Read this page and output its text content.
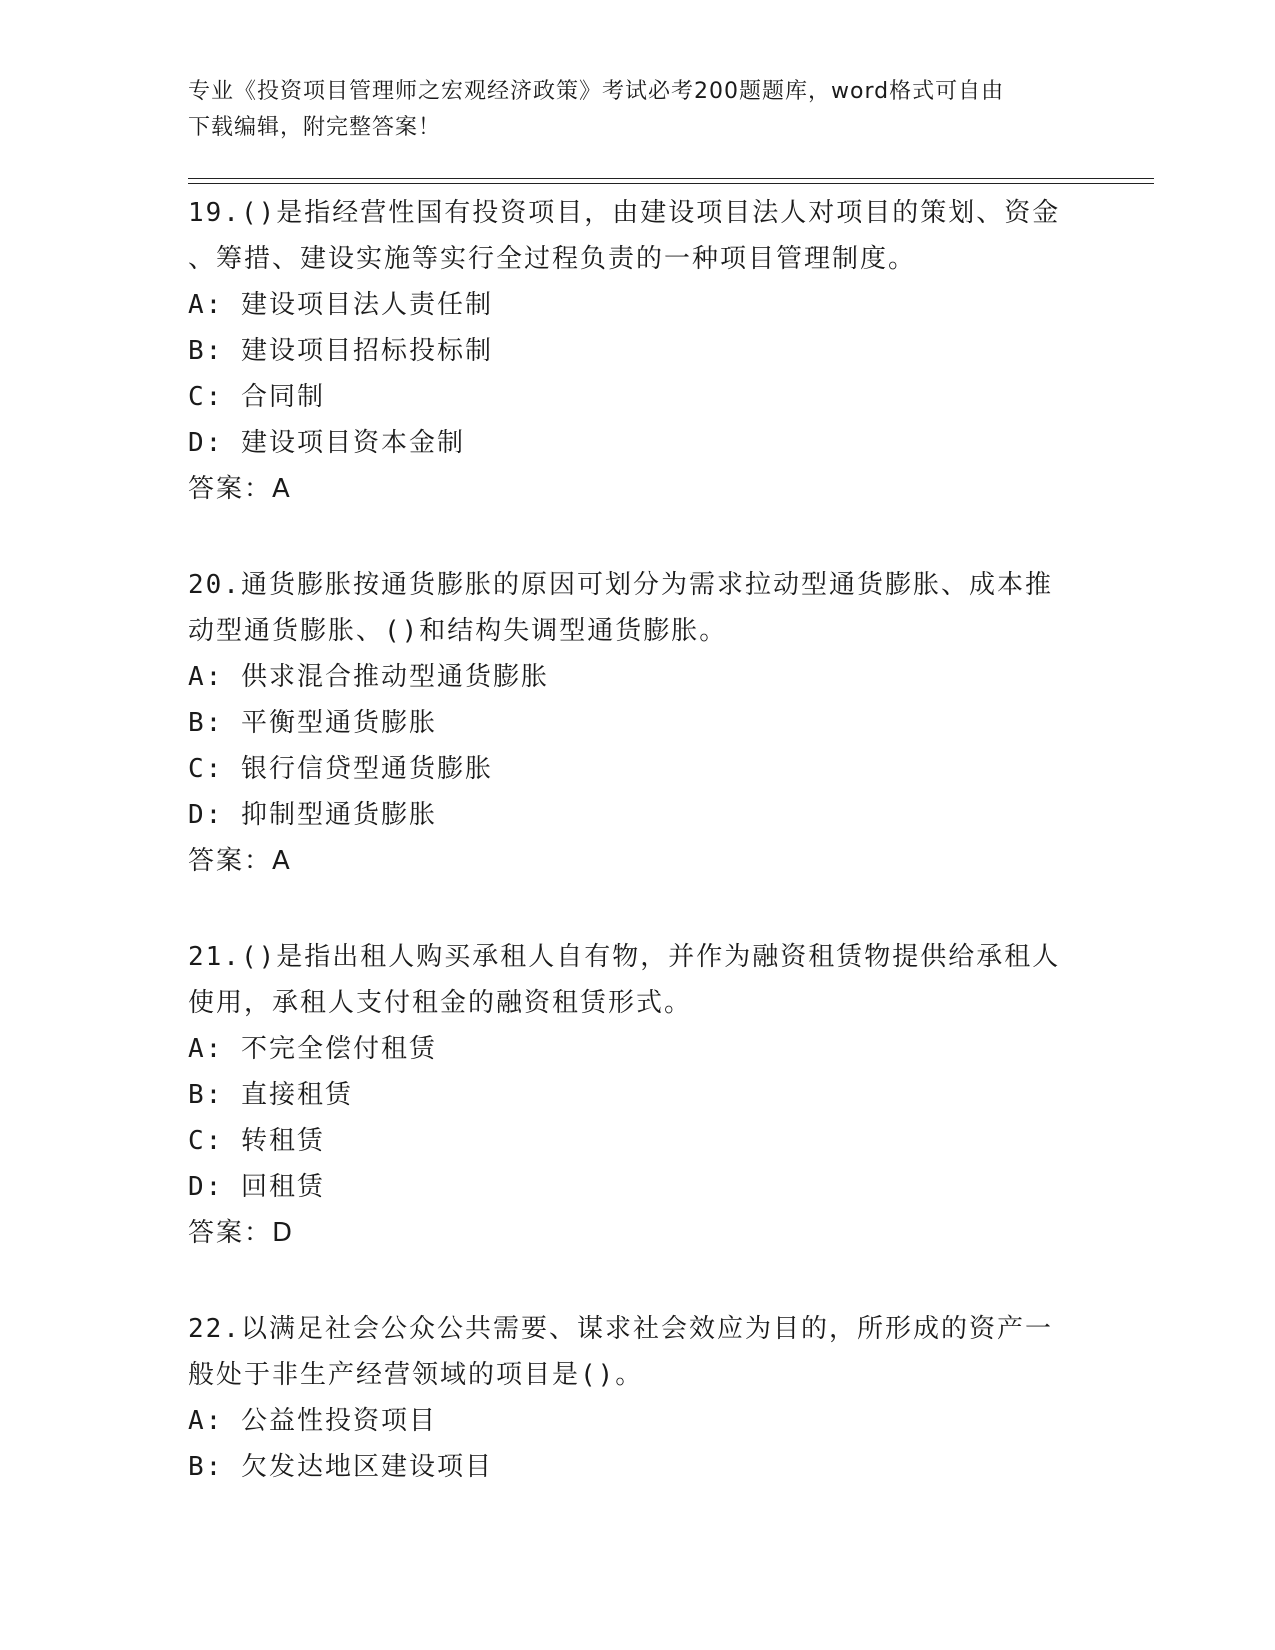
专业《投资项目管理师之宏观经济政策》考试必考200题题库，word格式可自由
下载编辑，附完整答案！
19.()是指经营性国有投资项目，由建设项目法人对项目的策划、资金
、筹措、建设实施等实行全过程负责的一种项目管理制度。
A: 建设项目法人责任制
B: 建设项目招标投标制
C: 合同制
D: 建设项目资本金制
答案：A
20.通货膨胀按通货膨胀的原因可划分为需求拉动型通货膨胀、成本推
动型通货膨胀、()和结构失调型通货膨胀。
A: 供求混合推动型通货膨胀
B: 平衡型通货膨胀
C: 银行信贷型通货膨胀
D: 抑制型通货膨胀
答案：A
21.()是指出租人购买承租人自有物，并作为融资租赁物提供给承租人
使用，承租人支付租金的融资租赁形式。
A: 不完全偿付租赁
B: 直接租赁
C: 转租赁
D: 回租赁
答案：D
22.以满足社会公众公共需要、谋求社会效应为目的，所形成的资产一
般处于非生产经营领域的项目是()。
A: 公益性投资项目
B: 欠发达地区建设项目
